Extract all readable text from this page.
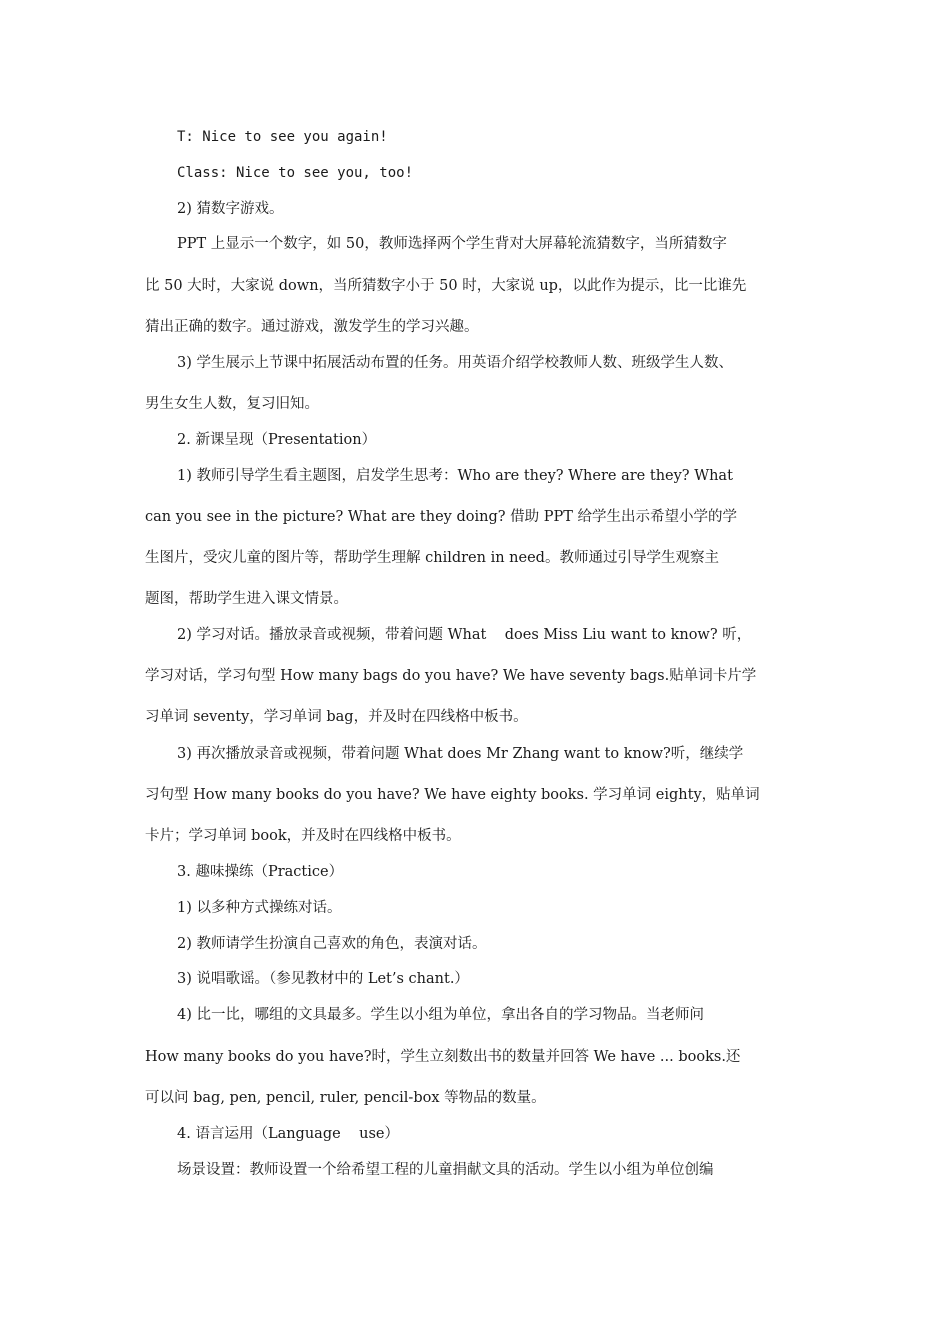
T: Nice to see you again!
Class: Nice to see you, too!
2) 猜数字游戏。
PPT 上显示一个数字，如 50，教师选择两个学生背对大屏幕轮流猜数字，当所猜数字
比 50 大时，大家说 down，当所猜数字小于 50 时，大家说 up，以此作为提示，比一比谁先
猜出正确的数字。通过游戏，激发学生的学习兴趣。
3) 学生展示上节课中拓展活动布置的任务。用英语介绍学校教师人数、班级学生人数、
男生女生人数，复习旧知。
2. 新课呈现（Presentation）
1) 教师引导学生看主题图，启发学生思考：Who are they? Where are they? What
can you see in the picture? What are they doing? 借助 PPT 给学生出示希望小学的学
生图片，受灾儿童的图片等，帮助学生理解 children in need。教师通过引导学生观察主
题图，帮助学生进入课文情景。
2) 学习对话。播放录音或视频，带着问题 What    does Miss Liu want to know? 听，
学习对话，学习句型 How many bags do you have? We have seventy bags.贴单词卡片学
习单词 seventy，学习单词 bag，并及时在四线格中板书。
3) 再次播放录音或视频，带着问题 What does Mr Zhang want to know?听，继续学
习句型 How many books do you have? We have eighty books. 学习单词 eighty，贴单词
卡片；学习单词 book，并及时在四线格中板书。
3. 趣味操练（Practice）
1) 以多种方式操练对话。
2) 教师请学生扮演自己喜欢的角色，表演对话。
3) 说唱歌谣。（参见教材中的 Let’s chant.）
4) 比一比，哪组的文具最多。学生以小组为单位，拿出各自的学习物品。当老师问
How many books do you have?时，学生立刻数出书的数量并回答 We have ... books.还
可以问 bag, pen, pencil, ruler, pencil-box 等物品的数量。
4. 语言运用（Language    use）
场景设置：教师设置一个给希望工程的儿童捐献文具的活动。学生以小组为单位创编
